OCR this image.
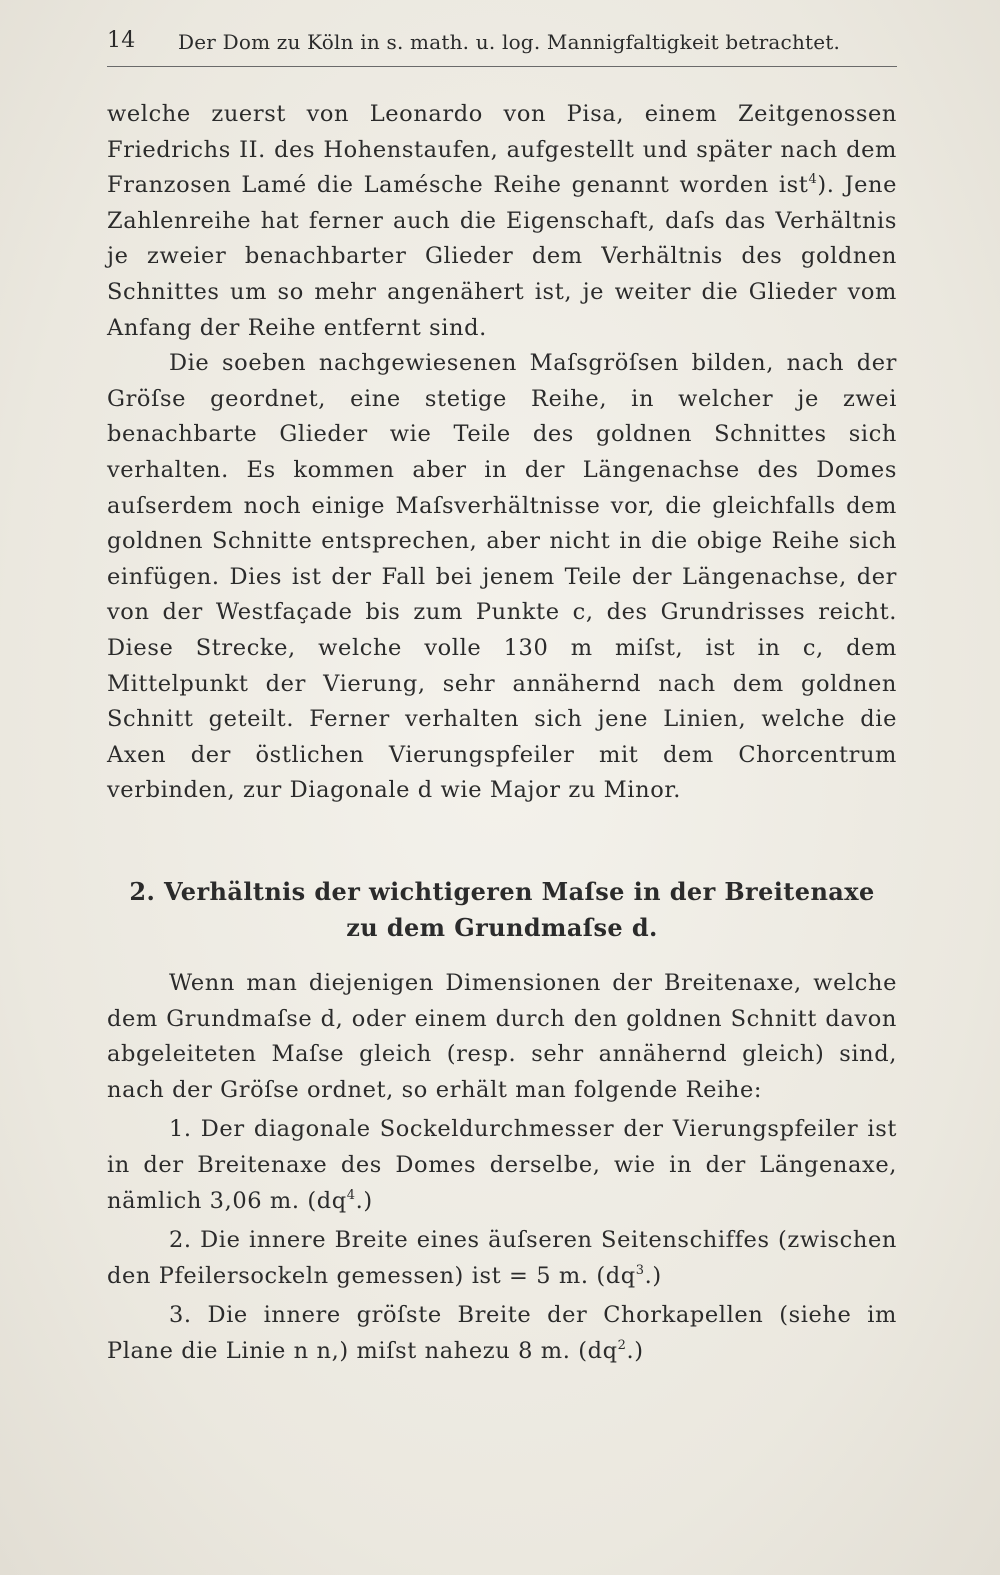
14 Der Dom zu Köln in s. math. u. log. Mannigfaltigkeit betrachtet.

welche zuerst von Leonardo von Pisa, einem Zeitgenossen Friedrichs II. des Hohenstaufen, aufgestellt und später nach dem Franzosen Lamé die Lamésche Reihe genannt worden ist$^4$). Jene Zahlenreihe hat ferner auch die Eigenschaft, daſs das Verhältnis je zweier benachbarter Glieder dem Verhältnis des goldnen Schnittes um so mehr angenähert ist, je weiter die Glieder vom Anfang der Reihe entfernt sind.

Die soeben nachgewiesenen Maſsgröſsen bilden, nach der Gröſse geordnet, eine stetige Reihe, in welcher je zwei benachbarte Glieder wie Teile des goldnen Schnittes sich verhalten. Es kommen aber in der Längenachse des Domes auſserdem noch einige Maſsverhältnisse vor, die gleichfalls dem goldnen Schnitte entsprechen, aber nicht in die obige Reihe sich einfügen. Dies ist der Fall bei jenem Teile der Längenachse, der von der Westfaçade bis zum Punkte c, des Grundrisses reicht. Diese Strecke, welche volle 130 m miſst, ist in c, dem Mittelpunkt der Vierung, sehr annähernd nach dem goldnen Schnitt geteilt. Ferner verhalten sich jene Linien, welche die Axen der östlichen Vierungspfeiler mit dem Chorcentrum verbinden, zur Diagonale d wie Major zu Minor.

2. Verhältnis der wichtigeren Maſse in der Breitenaxe
zu dem Grundmaſse d.

Wenn man diejenigen Dimensionen der Breitenaxe, welche dem Grundmaſse d, oder einem durch den goldnen Schnitt davon abgeleiteten Maſse gleich (resp. sehr annähernd gleich) sind, nach der Gröſse ordnet, so erhält man folgende Reihe:

1. Der diagonale Sockeldurchmesser der Vierungspfeiler ist in der Breitenaxe des Domes derselbe, wie in der Längenaxe, nämlich 3,06 m. $(dq^4.)$

2. Die innere Breite eines äuſseren Seitenschiffes (zwischen den Pfeilersockeln gemessen) ist = 5 m. $(dq^3.)$

3. Die innere gröſste Breite der Chorkapellen (siehe im Plane die Linie n n,) miſst nahezu 8 m. $(dq^2.)$
